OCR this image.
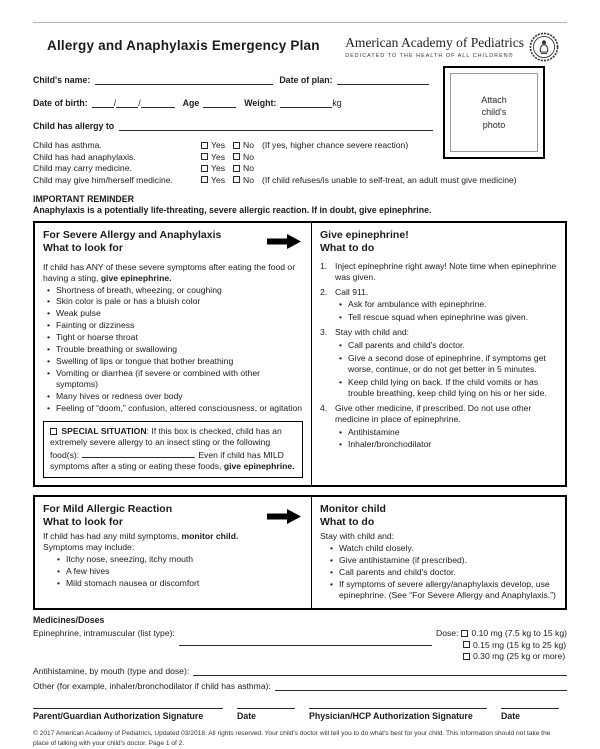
Allergy and Anaphylaxis Emergency Plan American Academy of Pediatrics
DEDICATED TO THE HEALTH OF ALL CHILDREN®
Attach child's photo
Child's name:	Date of plan:
Date of birth:	/	/	Age	Weight:	kg
Child has allergy to
Child has asthma.	Yes No (If yes, higher chance severe reaction)
Child has had anaphylaxis.	Yes No
Child may carry medicine.	Yes No
Child may give him/herself medicine.	Yes No (If child refuses/is unable to self-treat, an adult must give medicine)
IMPORTANT REMINDER
Anaphylaxis is a potentially life-threating, severe allergic reaction. If in doubt, give epinephrine.
For Severe Allergy and Anaphylaxis
What to look for
If child has ANY of these severe symptoms after eating the food or having a sting, give epinephrine.
• Shortness of breath, wheezing, or coughing
• Skin color is pale or has a bluish color
• Weak pulse
• Fainting or dizziness
• Tight or hoarse throat
• Trouble breathing or swallowing
• Swelling of lips or tongue that bother breathing
• Vomiting or diarrhea (if severe or combined with other symptoms)
• Many hives or redness over body
• Feeling of “doom,” confusion, altered consciousness, or agitation
SPECIAL SITUATION: If this box is checked, child has an extremely severe allergy to an insect sting or the following food(s):	. Even if child has MILD symptoms after a sting or eating these foods, give epinephrine.
Give epinephrine!
What to do
1. Inject epinephrine right away! Note time when epinephrine was given.
2. Call 911.
• Ask for ambulance with epinephrine.
• Tell rescue squad when epinephrine was given.
3. Stay with child and:
• Call parents and child's doctor.
• Give a second dose of epinephrine, if symptoms get worse, continue, or do not get better in 5 minutes.
• Keep child lying on back. If the child vomits or has trouble breathing, keep child lying on his or her side.
4. Give other medicine, if prescribed. Do not use other medicine in place of epinephrine.
• Antihistamine
• Inhaler/bronchodilator
For Mild Allergic Reaction
What to look for
If child has had any mild symptoms, monitor child.
Symptoms may include:
• Itchy nose, sneezing, itchy mouth
• A few hives
• Mild stomach nausea or discomfort
Monitor child
What to do
Stay with child and:
• Watch child closely.
• Give antihistamine (if prescribed).
• Call parents and child's doctor.
• If symptoms of severe allergy/anaphylaxis develop, use epinephrine. (See “For Severe Allergy and Anaphylaxis.”)
Medicines/Doses
Epinephrine, intramuscular (list type):	Dose: 0.10 mg (7.5 kg to 15 kg)
0.15 mg (15 kg to 25 kg)
0.30 mg (25 kg or more)
Antihistamine, by mouth (type and dose):
Other (for example, inhaler/bronchodilator if child has asthma):
Parent/Guardian Authorization Signature	Date	Physician/HCP Authorization Signature	Date
© 2017 American Academy of Pediatrics, Updated 03/2018. All rights reserved. Your child's doctor will tell you to do what's best for your child. This information should not take the place of talking with your child's doctor. Page 1 of 2.
